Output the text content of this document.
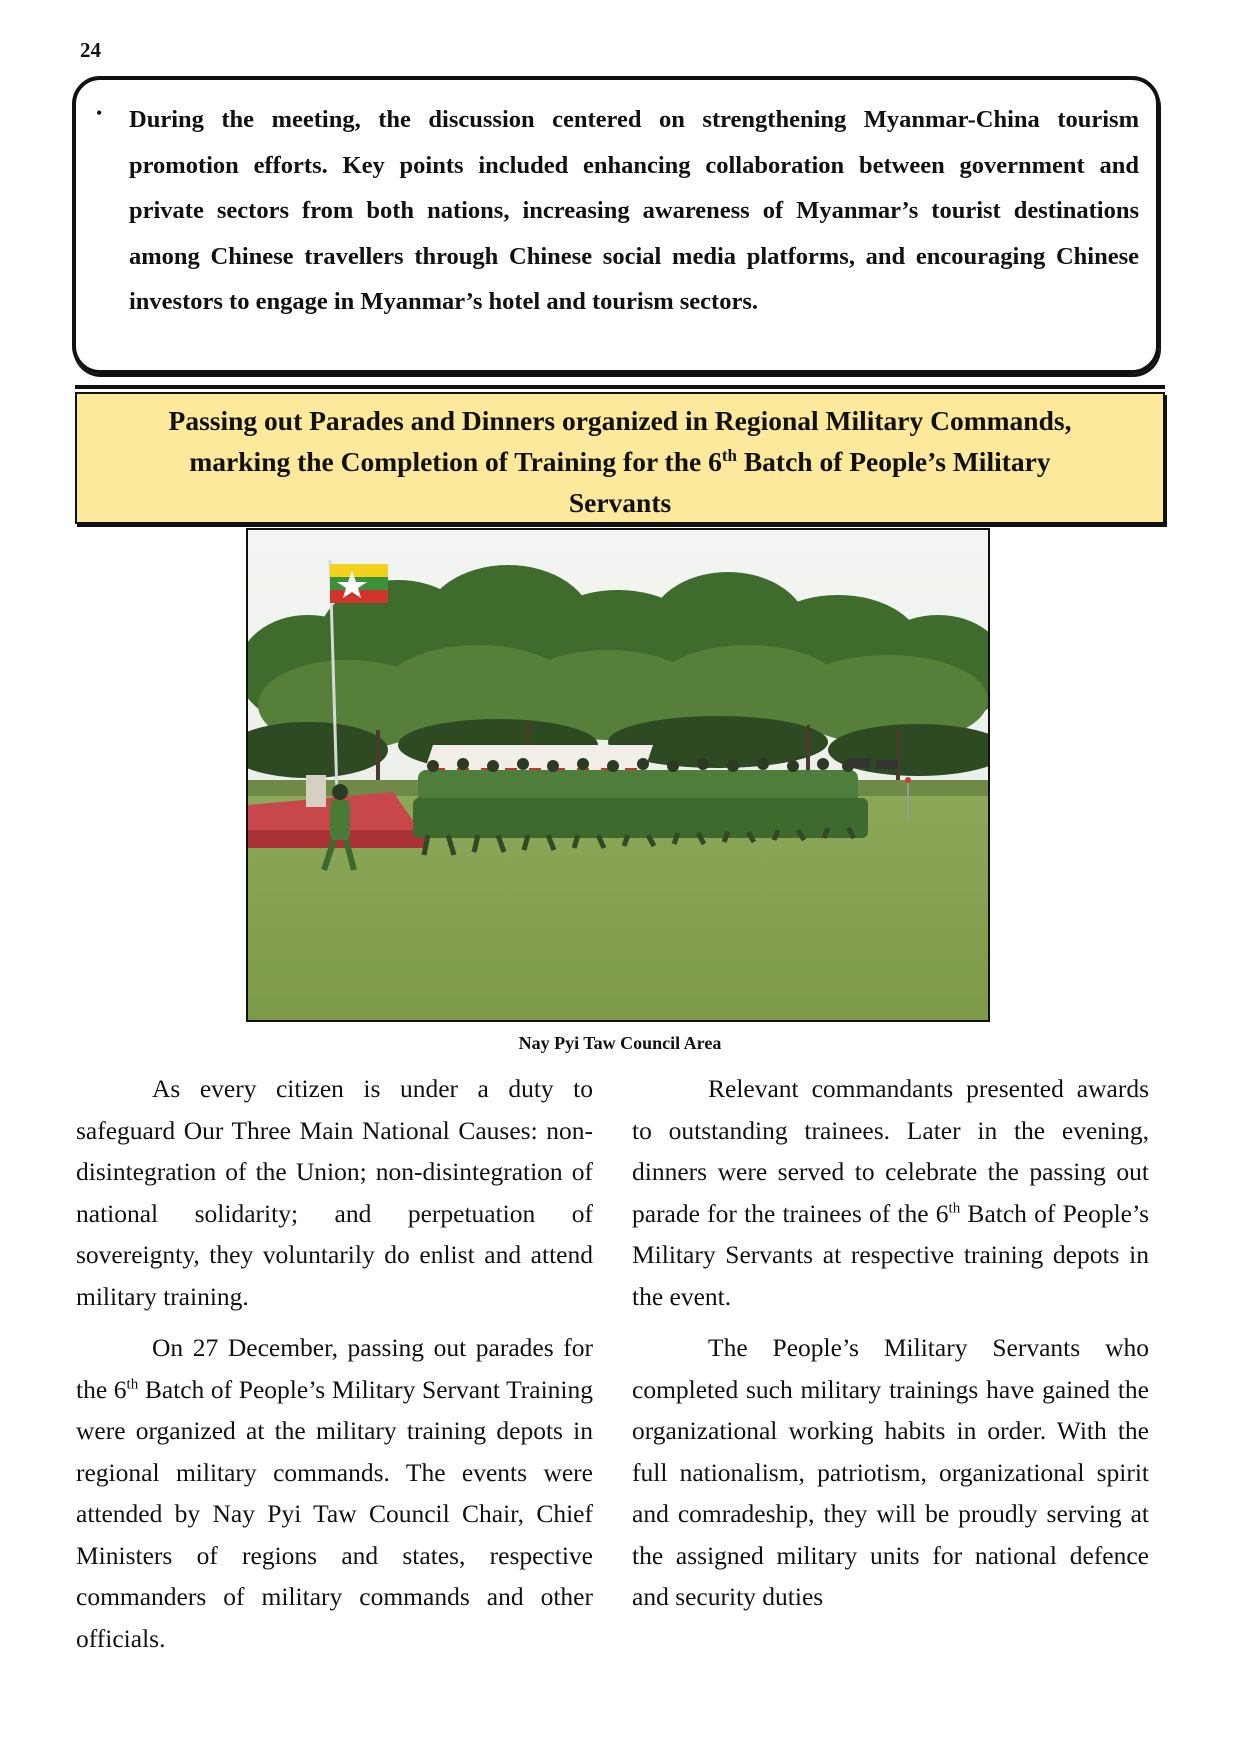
24
• During the meeting, the discussion centered on strengthening Myanmar-China tourism promotion efforts. Key points included enhancing collaboration between government and private sectors from both nations, increasing awareness of Myanmar’s tourist destinations among Chinese travellers through Chinese social media platforms, and encouraging Chinese investors to engage in Myanmar’s hotel and tourism sectors.

Passing out Parades and Dinners organized in Regional Military Commands,
marking the Completion of Training for the 6th Batch of People’s Military
Servants
Nay Pyi Taw Council Area

As every citizen is under a duty to safeguard Our Three Main National Causes: non-disintegration of the Union; non-disintegration of national solidarity; and perpetuation of sovereignty, they voluntarily do enlist and attend military training.

On 27 December, passing out parades for the 6th Batch of People’s Military Servant Training were organized at the military training depots in regional military commands. The events were attended by Nay Pyi Taw Council Chair, Chief Ministers of regions and states, respective commanders of military commands and other officials.

Relevant commandants presented awards to outstanding trainees. Later in the evening, dinners were served to celebrate the passing out parade for the trainees of the 6th Batch of People’s Military Servants at respective training depots in the event.

The People’s Military Servants who completed such military trainings have gained the organizational working habits in order. With the full nationalism, patriotism, organizational spirit and comradeship, they will be proudly serving at the assigned military units for national defence and security duties
